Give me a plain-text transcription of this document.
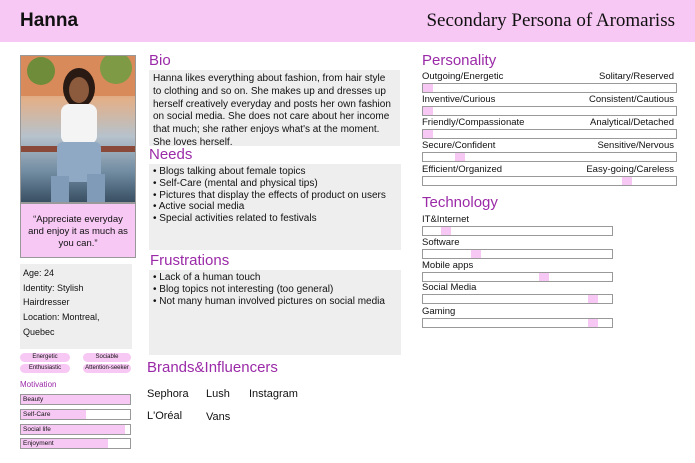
Hanna	Secondary Persona of Aromariss
“Appreciate everyday and enjoy it as much as you can.”
Age: 24
Identity: Stylish
Hairdresser
Location: Montreal,
Quebec
Energetic	Sociable
Enthusiastic	Attention-seeker
Motivation
Beauty
Self-Care
Social life
Enjoyment
Bio
Hanna likes everything about fashion, from hair style to clothing and so on. She makes up and dresses up herself creatively everyday and posts her own fashion on social media. She does not care about her income that much; she rather enjoys what's at the moment. She loves herself.
Needs
• Blogs talking about female topics
• Self-Care (mental and physical tips)
• Pictures that display the effects of product on users
• Active social media
• Special activities related to festivals
Frustrations
• Lack of a human touch
• Blog topics not interesting (too general)
• Not many human involved pictures on social media
Brands&Influencers
Sephora Lush Instagram
L'Oréal Vans
Personality
Outgoing/Energetic	Solitary/Reserved
Inventive/Curious	Consistent/Cautious
Friendly/Compassionate	Analytical/Detached
Secure/Confident	Sensitive/Nervous
Efficient/Organized	Easy-going/Careless
Technology
IT&Internet
Software
Mobile apps
Social Media
Gaming
